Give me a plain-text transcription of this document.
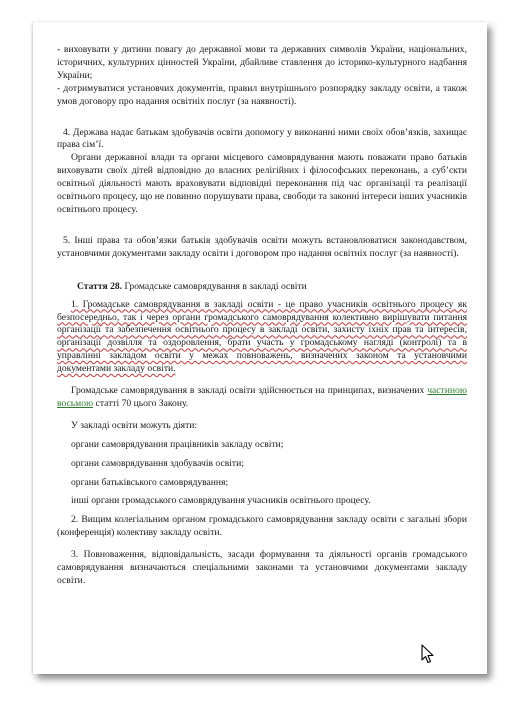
- виховувати у дитини повагу до державної мови та державних символів України, національних, історичних, культурних цінностей України, дбайливе ставлення до історико-культурного надбання України;

- дотримуватися установчих документів, правил внутрішнього розпорядку закладу освіти, а також умов договору про надання освітніх послуг (за наявності).

4. Держава надає батькам здобувачів освіти допомогу у виконанні ними своїх обов’язків, захищає права сім’ї.

Органи державної влади та органи місцевого самоврядування мають поважати право батьків виховувати своїх дітей відповідно до власних релігійних і філософських переконань, а суб’єкти освітньої діяльності мають враховувати відповідні переконання під час організації та реалізації освітнього процесу, що не повинно порушувати права, свободи та законні інтереси інших учасників освітнього процесу.

5. Інші права та обов’язки батьків здобувачів освіти можуть встановлюватися законодавством, установчими документами закладу освіти і договором про надання освітніх послуг (за наявності).

Стаття 28. Громадське самоврядування в закладі освіти

1. Громадське самоврядування в закладі освіти - це право учасників освітнього процесу як безпосередньо, так і через органи громадського самоврядування колективно вирішувати питання організації та забезпечення освітнього процесу в закладі освіти, захисту їхніх прав та інтересів, організації дозвілля та оздоровлення, брати участь у громадському нагляді (контролі) та в управлінні закладом освіти у межах повноважень, визначених законом та установчими документами закладу освіти.

Громадське самоврядування в закладі освіти здійснюється на принципах, визначених частиною восьмою статті 70 цього Закону.

У закладі освіти можуть діяти:

органи самоврядування працівників закладу освіти;

органи самоврядування здобувачів освіти;

органи батьківського самоврядування;

інші органи громадського самоврядування учасників освітнього процесу.

2. Вищим колегіальним органом громадського самоврядування закладу освіти є загальні збори (конференція) колективу закладу освіти.

3. Повноваження, відповідальність, засади формування та діяльності органів громадського самоврядування визначаються спеціальними законами та установчими документами закладу освіти.
